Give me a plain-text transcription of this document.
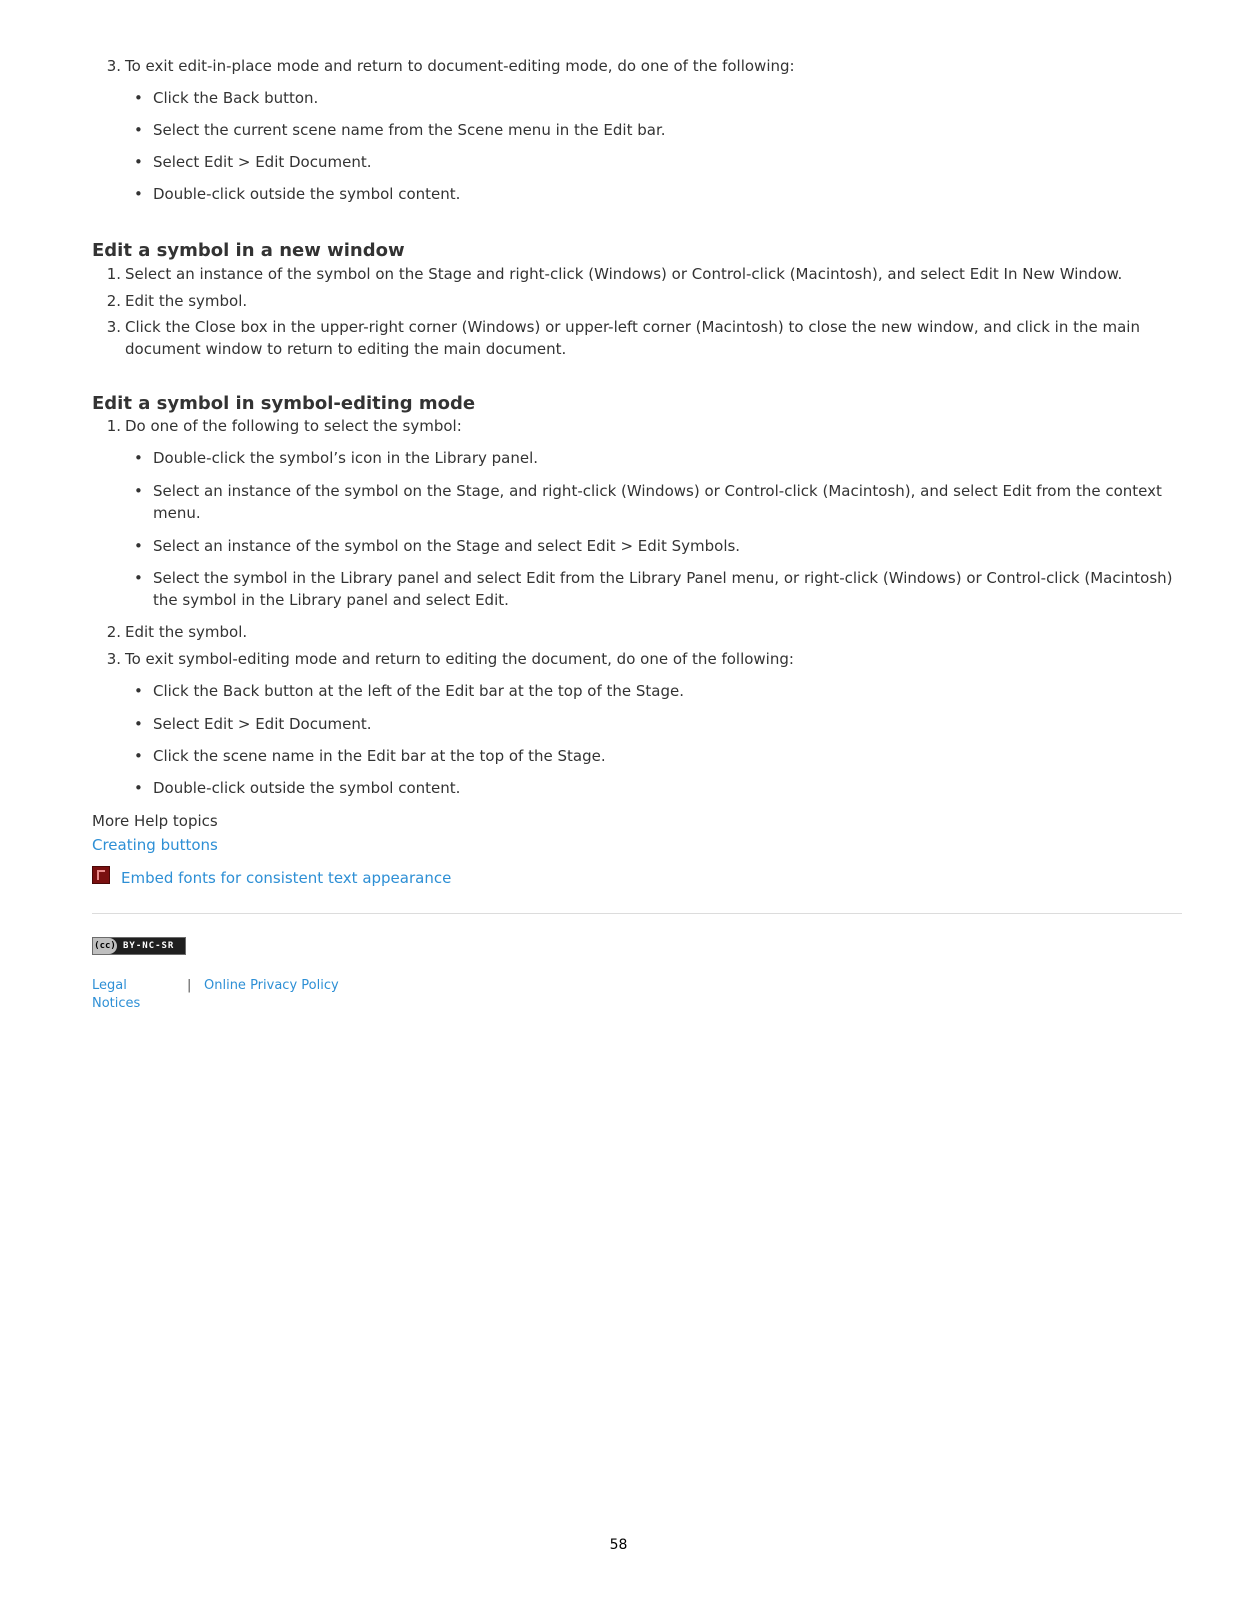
3. To exit edit-in-place mode and return to document-editing mode, do one of the following:
• Click the Back button.
• Select the current scene name from the Scene menu in the Edit bar.
• Select Edit > Edit Document.
• Double-click outside the symbol content.
Edit a symbol in a new window
1. Select an instance of the symbol on the Stage and right-click (Windows) or Control-click (Macintosh), and select Edit In New Window.
2. Edit the symbol.
3. Click the Close box in the upper-right corner (Windows) or upper-left corner (Macintosh) to close the new window, and click in the main document window to return to editing the main document.
Edit a symbol in symbol-editing mode
1. Do one of the following to select the symbol:
• Double-click the symbol’s icon in the Library panel.
• Select an instance of the symbol on the Stage, and right-click (Windows) or Control-click (Macintosh), and select Edit from the context menu.
• Select an instance of the symbol on the Stage and select Edit > Edit Symbols.
• Select the symbol in the Library panel and select Edit from the Library Panel menu, or right-click (Windows) or Control-click (Macintosh) the symbol in the Library panel and select Edit.
2. Edit the symbol.
3. To exit symbol-editing mode and return to editing the document, do one of the following:
• Click the Back button at the left of the Edit bar at the top of the Stage.
• Select Edit > Edit Document.
• Click the scene name in the Edit bar at the top of the Stage.
• Double-click outside the symbol content.
More Help topics
Creating buttons
Embed fonts for consistent text appearance
(cc) BY-NC-SR
Legal Notices
| Online Privacy Policy
58
